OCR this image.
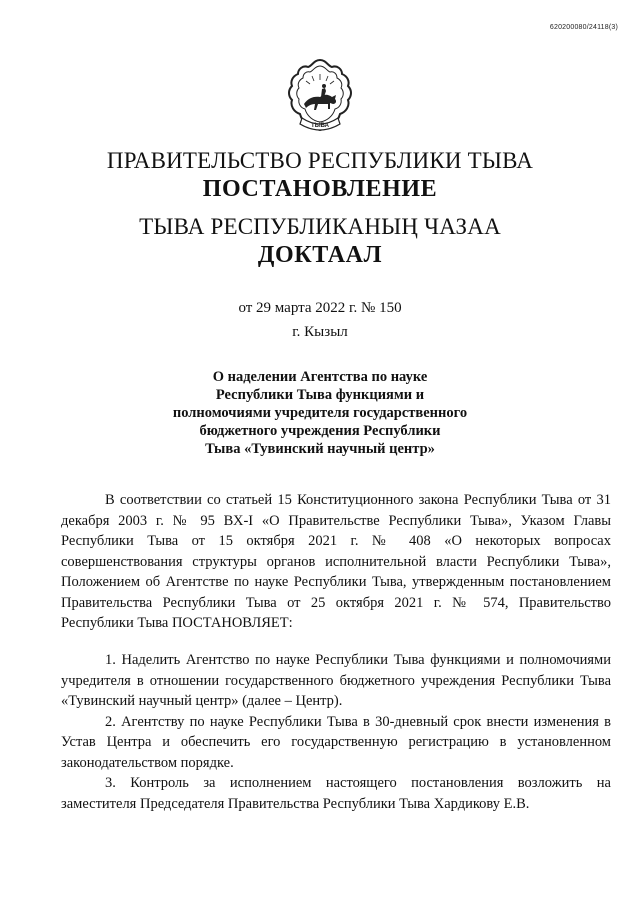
620200080/24118(3)
ТЫВА
ПРАВИТЕЛЬСТВО РЕСПУБЛИКИ ТЫВА
ПОСТАНОВЛЕНИЕ
ТЫВА РЕСПУБЛИКАНЫҢ ЧАЗАА
ДОКТААЛ
от 29 марта 2022 г. № 150
г. Кызыл
О наделении Агентства по науке
Республики Тыва функциями и
полномочиями учредителя государственного
бюджетного учреждения Республики
Тыва «Тувинский научный центр»

В соответствии со статьей 15 Конституционного закона Республики Тыва от 31 декабря 2003 г. № 95 ВХ-I «О Правительстве Республики Тыва», Указом Главы Республики Тыва от 15 октября 2021 г. № 408 «О некоторых вопросах совершенствования структуры органов исполнительной власти Республики Тыва», Положением об Агентстве по науке Республики Тыва, утвержденным постановлением Правительства Республики Тыва от 25 октября 2021 г. № 574, Правительство Республики Тыва ПОСТАНОВЛЯЕТ:

1. Наделить Агентство по науке Республики Тыва функциями и полномочиями учредителя в отношении государственного бюджетного учреждения Республики Тыва «Тувинский научный центр» (далее – Центр).

2. Агентству по науке Республики Тыва в 30-дневный срок внести изменения в Устав Центра и обеспечить его государственную регистрацию в установленном законодательством порядке.

3. Контроль за исполнением настоящего постановления возложить на заместителя Председателя Правительства Республики Тыва Хардикову Е.В.
